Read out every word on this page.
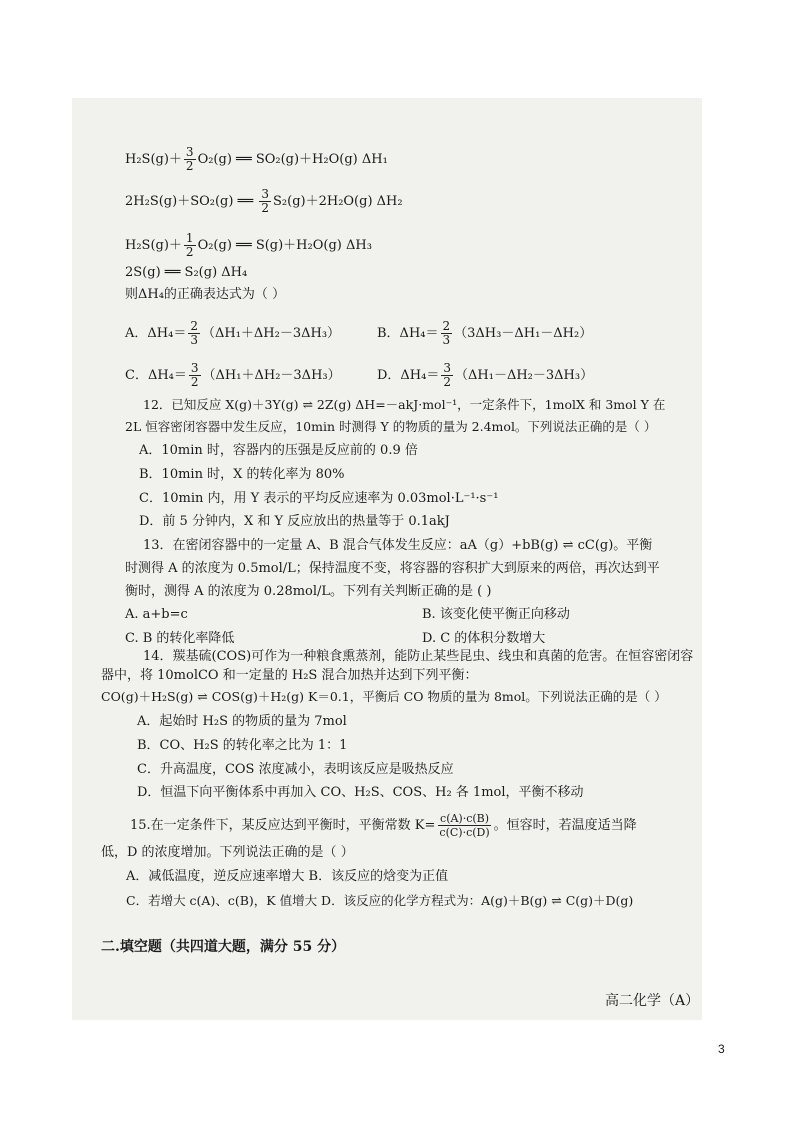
$H_2S(g)+ \frac{3}{2} O_2(g)$ ══ SO₂(g)＋H₂O(g) ΔH₁
2H₂S(g)＋SO₂(g) ══ $\frac{3}{2} S_2(g)+2H_2O(g)$ ΔH₂
$H_2S(g)+ \frac{1}{2} O_2(g)$ ══ S(g)＋H₂O(g) ΔH₃
2S(g) ══ S₂(g) ΔH₄
则ΔH₄的正确表达式为（ ）
A．$\Delta H_4= \frac{2}{3} (\Delta H_1+\Delta H_2-3\Delta H_3)$	B．$\Delta H_4= \frac{2}{3} (3\Delta H_3-\Delta H_1-\Delta H_2)$
C．$\Delta H_4= \frac{3}{2} (\Delta H_1+\Delta H_2-3\Delta H_3)$	D．$\Delta H_4= \frac{3}{2} (\Delta H_1-\Delta H_2-3\Delta H_3)$
12．已知反应 X(g)＋3Y(g) ⇌ 2Z(g) ΔH=－akJ·mol⁻¹，一定条件下，1molX 和 3mol Y 在
2L 恒容密闭容器中发生反应，10min 时测得 Y 的物质的量为 2.4mol。下列说法正确的是（ ）
A．10min 时，容器内的压强是反应前的 0.9 倍
B．10min 时，X 的转化率为 80%
C．10min 内，用 Y 表示的平均反应速率为 0.03mol·L⁻¹·s⁻¹
D．前 5 分钟内，X 和 Y 反应放出的热量等于 0.1akJ
13．在密闭容器中的一定量 A、B 混合气体发生反应：aA（g）+bB(g) ⇌ cC(g)。平衡
时测得 A 的浓度为 0.5mol/L；保持温度不变，将容器的容积扩大到原来的两倍，再次达到平
衡时，测得 A 的浓度为 0.28mol/L。下列有关判断正确的是 ( )
A. a+b=c	B. 该变化使平衡正向移动
C. B 的转化率降低	D. C 的体积分数增大
14．羰基硫(COS)可作为一种粮食熏蒸剂，能防止某些昆虫、线虫和真菌的危害。在恒容密闭容
器中，将 10molCO 和一定量的 H₂S 混合加热并达到下列平衡：
CO(g)＋H₂S(g) ⇌ COS(g)＋H₂(g) K＝0.1，平衡后 CO 物质的量为 8mol。下列说法正确的是（ ）
A．起始时 H₂S 的物质的量为 7mol
B．CO、H₂S 的转化率之比为 1：1
C．升高温度，COS 浓度减小，表明该反应是吸热反应
D．恒温下向平衡体系中再加入 CO、H₂S、COS、H₂ 各 1mol，平衡不移动
15.在一定条件下，某反应达到平衡时，平衡常数 $K= \frac{c(A)\cdot c(B)}{c(C)\cdot c(D)}$ 。恒容时，若温度适当降
低，D 的浓度增加。下列说法正确的是（ ）
A．减低温度，逆反应速率增大 B．该反应的焓变为正值
C．若增大 c(A)、c(B)，K 值增大 D．该反应的化学方程式为：A(g)＋B(g) ⇌ C(g)＋D(g)
二.填空题（共四道大题，满分 55 分）
高二化学（A）
3
